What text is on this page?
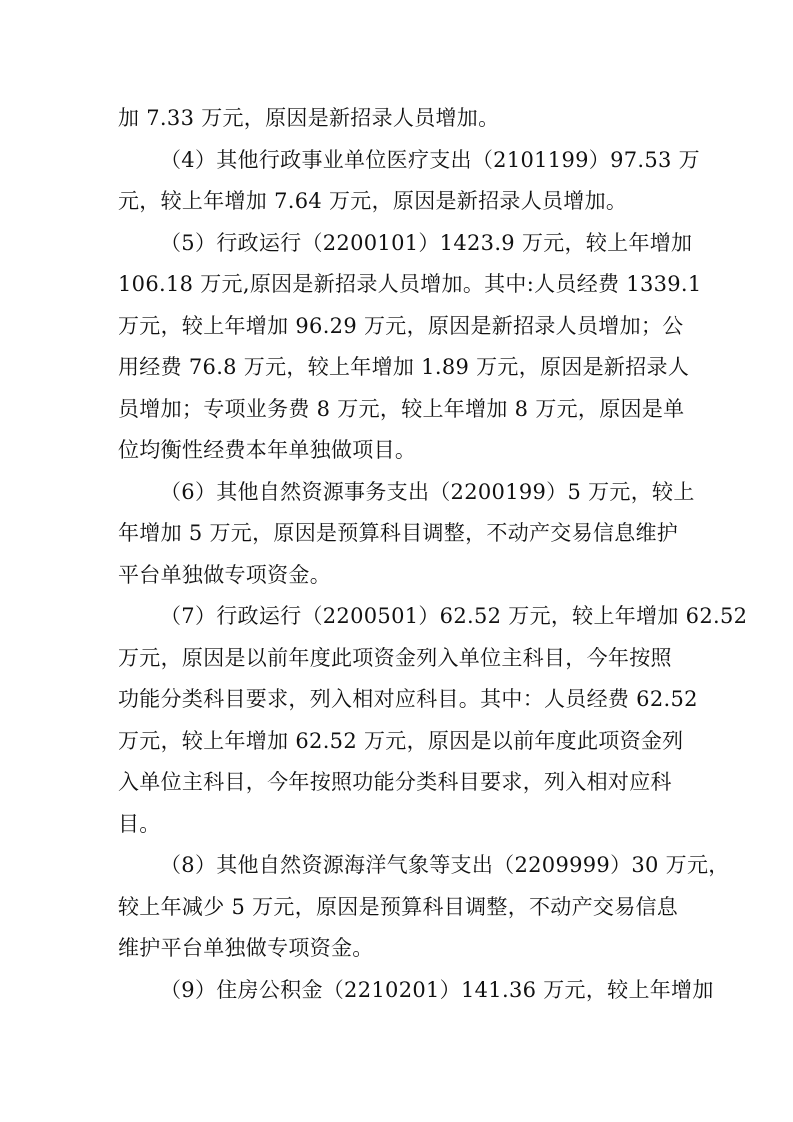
加 7.33 万元，原因是新招录人员增加。
（4）其他行政事业单位医疗支出（2101199）97.53 万
元，较上年增加 7.64 万元，原因是新招录人员增加。
（5）行政运行（2200101）1423.9 万元，较上年增加
106.18 万元,原因是新招录人员增加。其中:人员经费 1339.1
万元，较上年增加 96.29 万元，原因是新招录人员增加；公
用经费 76.8 万元，较上年增加 1.89 万元，原因是新招录人
员增加；专项业务费 8 万元，较上年增加 8 万元，原因是单
位均衡性经费本年单独做项目。
（6）其他自然资源事务支出（2200199）5 万元，较上
年增加 5 万元，原因是预算科目调整，不动产交易信息维护
平台单独做专项资金。
（7）行政运行（2200501）62.52 万元，较上年增加 62.52
万元，原因是以前年度此项资金列入单位主科目，今年按照
功能分类科目要求，列入相对应科目。其中：人员经费 62.52
万元，较上年增加 62.52 万元，原因是以前年度此项资金列
入单位主科目，今年按照功能分类科目要求，列入相对应科
目。
（8）其他自然资源海洋气象等支出（2209999）30 万元，
较上年减少 5 万元，原因是预算科目调整，不动产交易信息
维护平台单独做专项资金。
（9）住房公积金（2210201）141.36 万元，较上年增加
